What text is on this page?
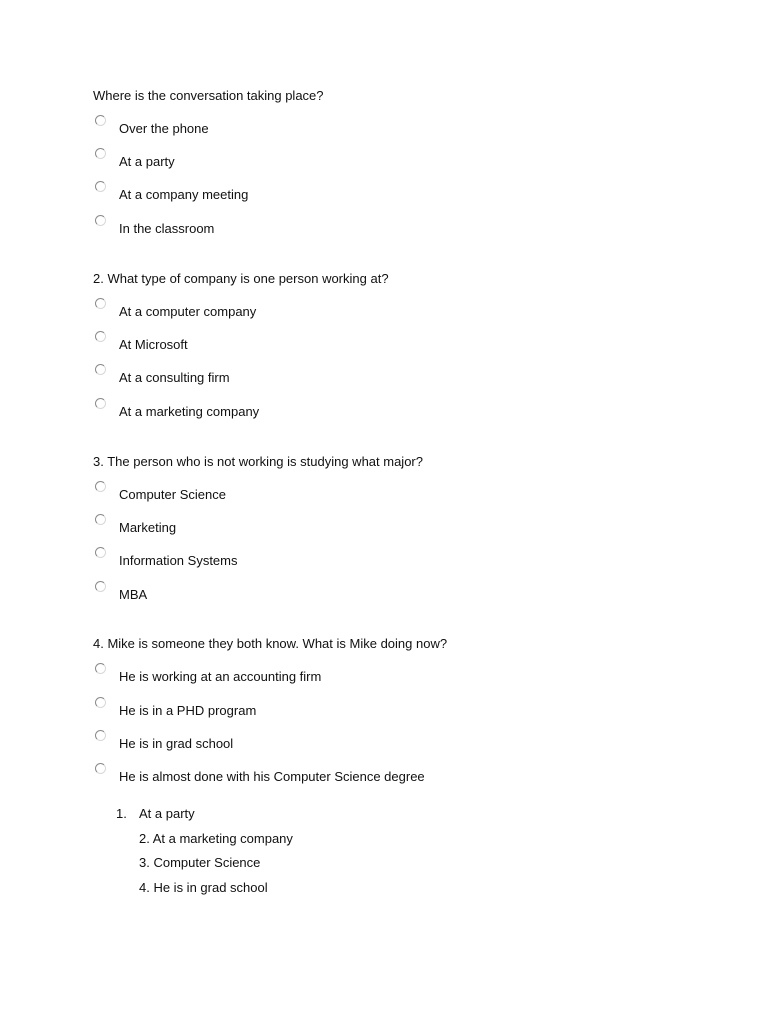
Where is the conversation taking place?
Over the phone
At a party
At a company meeting
In the classroom
2. What type of company is one person working at?
At a computer company
At Microsoft
At a consulting firm
At a marketing company
3. The person who is not working is studying what major?
Computer Science
Marketing
Information Systems
MBA
4. Mike is someone they both know. What is Mike doing now?
He is working at an accounting firm
He is in a PHD program
He is in grad school
He is almost done with his Computer Science degree
1. At a party
2. At a marketing company
3. Computer Science
4. He is in grad school
